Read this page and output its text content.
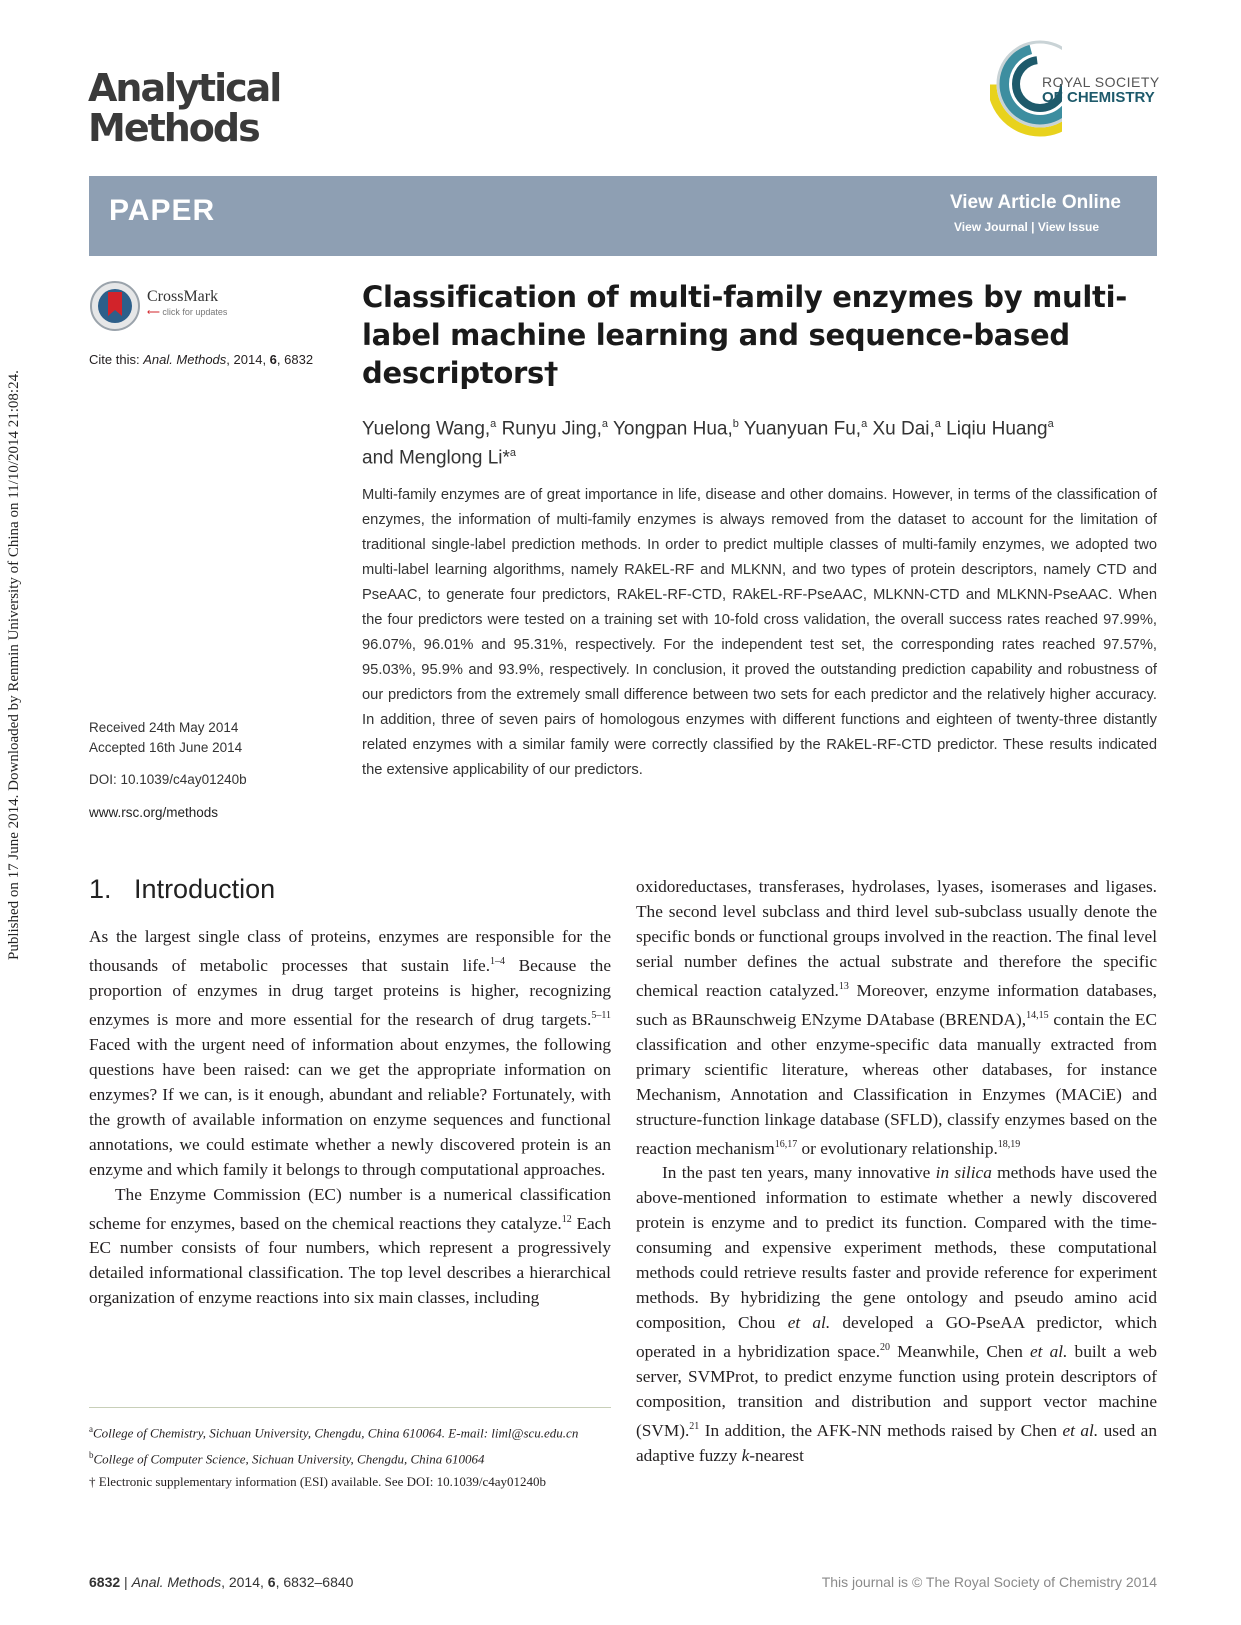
Published on 17 June 2014. Downloaded by Renmin University of China on 11/10/2014 21:08:24.
Analytical
Methods
ROYAL SOCIETY
OF CHEMISTRY
PAPER	View Article Online
View Journal | View Issue
CrossMark
⟵ click for updates
Cite this: Anal. Methods, 2014, 6, 6832
Classification of multi-family enzymes by multi-label machine learning and sequence-based descriptors†
Yuelong Wang,$^a$ Runyu Jing,$^a$ Yongpan Hua,$^b$ Yuanyuan Fu,$^a$ Xu Dai,$^a$ Liqiu Huang$^a$
and Menglong Li*$^a$
Multi-family enzymes are of great importance in life, disease and other domains. However, in terms of the classification of enzymes, the information of multi-family enzymes is always removed from the dataset to account for the limitation of traditional single-label prediction methods. In order to predict multiple classes of multi-family enzymes, we adopted two multi-label learning algorithms, namely RAkEL-RF and MLKNN, and two types of protein descriptors, namely CTD and PseAAC, to generate four predictors, RAkEL-RF-CTD, RAkEL-RF-PseAAC, MLKNN-CTD and MLKNN-PseAAC. When the four predictors were tested on a training set with 10-fold cross validation, the overall success rates reached 97.99%, 96.07%, 96.01% and 95.31%, respectively. For the independent test set, the corresponding rates reached 97.57%, 95.03%, 95.9% and 93.9%, respectively. In conclusion, it proved the outstanding prediction capability and robustness of our predictors from the extremely small difference between two sets for each predictor and the relatively higher accuracy. In addition, three of seven pairs of homologous enzymes with different functions and eighteen of twenty-three distantly related enzymes with a similar family were correctly classified by the RAkEL-RF-CTD predictor. These results indicated the extensive applicability of our predictors.
Received 24th May 2014
Accepted 16th June 2014
DOI: 10.1039/c4ay01240b
www.rsc.org/methods
1. Introduction

As the largest single class of proteins, enzymes are responsible for the thousands of metabolic processes that sustain life.$^{1-4}$ Because the proportion of enzymes in drug target proteins is higher, recognizing enzymes is more and more essential for the research of drug targets.$^{5-11}$ Faced with the urgent need of information about enzymes, the following questions have been raised: can we get the appropriate information on enzymes? If we can, is it enough, abundant and reliable? Fortunately, with the growth of available information on enzyme sequences and functional annotations, we could estimate whether a newly discovered protein is an enzyme and which family it belongs to through computational approaches.

The Enzyme Commission (EC) number is a numerical classification scheme for enzymes, based on the chemical reactions they catalyze.$^{12}$ Each EC number consists of four numbers, which represent a progressively detailed informational classification. The top level describes a hierarchical organization of enzyme reactions into six main classes, including

oxidoreductases, transferases, hydrolases, lyases, isomerases and ligases. The second level subclass and third level sub-subclass usually denote the specific bonds or functional groups involved in the reaction. The final level serial number defines the actual substrate and therefore the specific chemical reaction catalyzed.$^{13}$ Moreover, enzyme information databases, such as BRaunschweig ENzyme DAtabase (BRENDA),$^{14,15}$ contain the EC classification and other enzyme-specific data manually extracted from primary scientific literature, whereas other databases, for instance Mechanism, Annotation and Classification in Enzymes (MACiE) and structure-function linkage database (SFLD), classify enzymes based on the reaction mechanism$^{16,17}$ or evolutionary relationship.$^{18,19}$

In the past ten years, many innovative in silica methods have used the above-mentioned information to estimate whether a newly discovered protein is enzyme and to predict its function. Compared with the time-consuming and expensive experiment methods, these computational methods could retrieve results faster and provide reference for experiment methods. By hybridizing the gene ontology and pseudo amino acid composition, Chou et al. developed a GO-PseAA predictor, which operated in a hybridization space.$^{20}$ Meanwhile, Chen et al. built a web server, SVMProt, to predict enzyme function using protein descriptors of composition, transition and distribution and support vector machine (SVM).$^{21}$ In addition, the AFK-NN methods raised by Chen et al. used an adaptive fuzzy k-nearest

$^a$College of Chemistry, Sichuan University, Chengdu, China 610064. E-mail: liml@scu.edu.cn
$^b$College of Computer Science, Sichuan University, Chengdu, China 610064
† Electronic supplementary information (ESI) available. See DOI: 10.1039/c4ay01240b
6832 | Anal. Methods, 2014, 6, 6832–6840	This journal is © The Royal Society of Chemistry 2014
